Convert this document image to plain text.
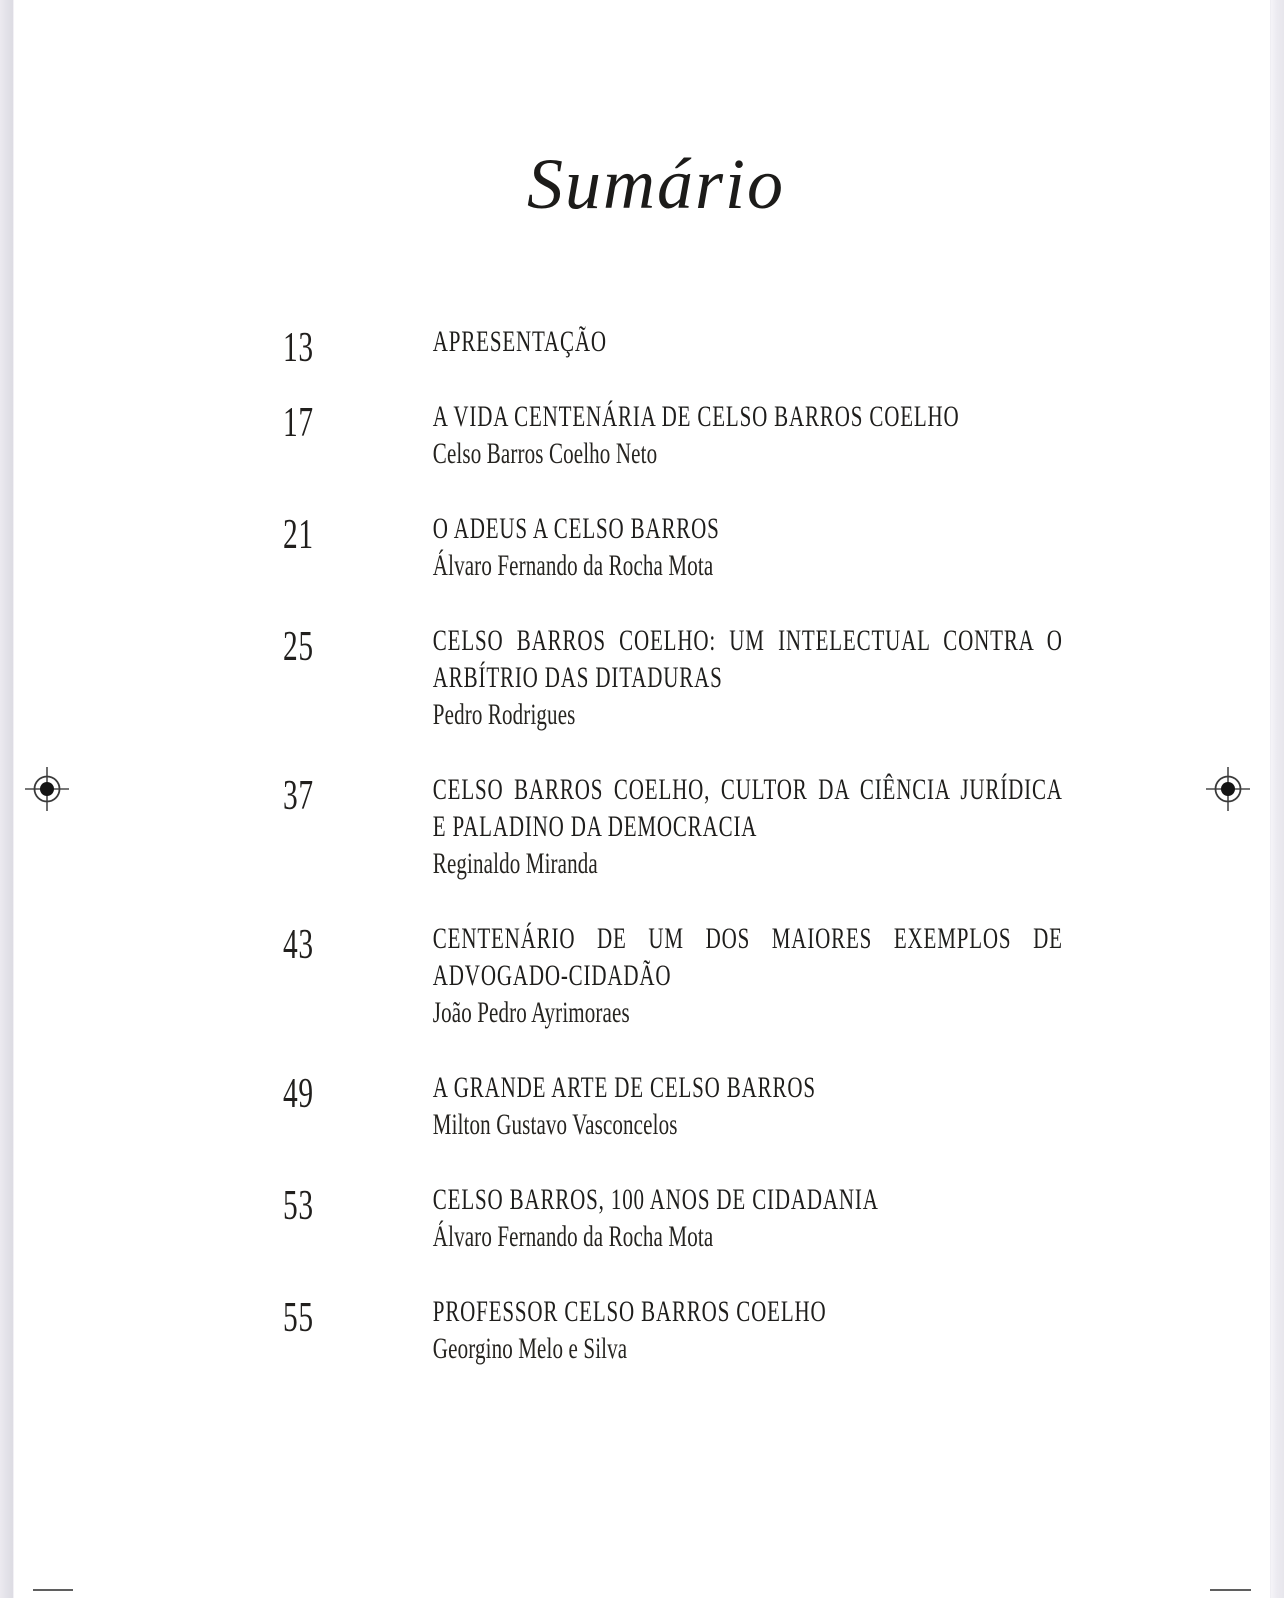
Sumário
13	APRESENTAÇÃO
17	A VIDA CENTENÁRIA DE CELSO BARROS COELHO
Celso Barros Coelho Neto
21	O ADEUS A CELSO BARROS
Álvaro Fernando da Rocha Mota
25	CELSO BARROS COELHO: UM INTELECTUAL CONTRA O
ARBÍTRIO DAS DITADURAS
Pedro Rodrigues
37	CELSO BARROS COELHO, CULTOR DA CIÊNCIA JURÍDICA
E PALADINO DA DEMOCRACIA
Reginaldo Miranda
43	CENTENÁRIO DE UM DOS MAIORES EXEMPLOS DE
ADVOGADO-CIDADÃO
João Pedro Ayrimoraes
49	A GRANDE ARTE DE CELSO BARROS
Milton Gustavo Vasconcelos
53	CELSO BARROS, 100 ANOS DE CIDADANIA
Álvaro Fernando da Rocha Mota
55	PROFESSOR CELSO BARROS COELHO
Georgino Melo e Silva
